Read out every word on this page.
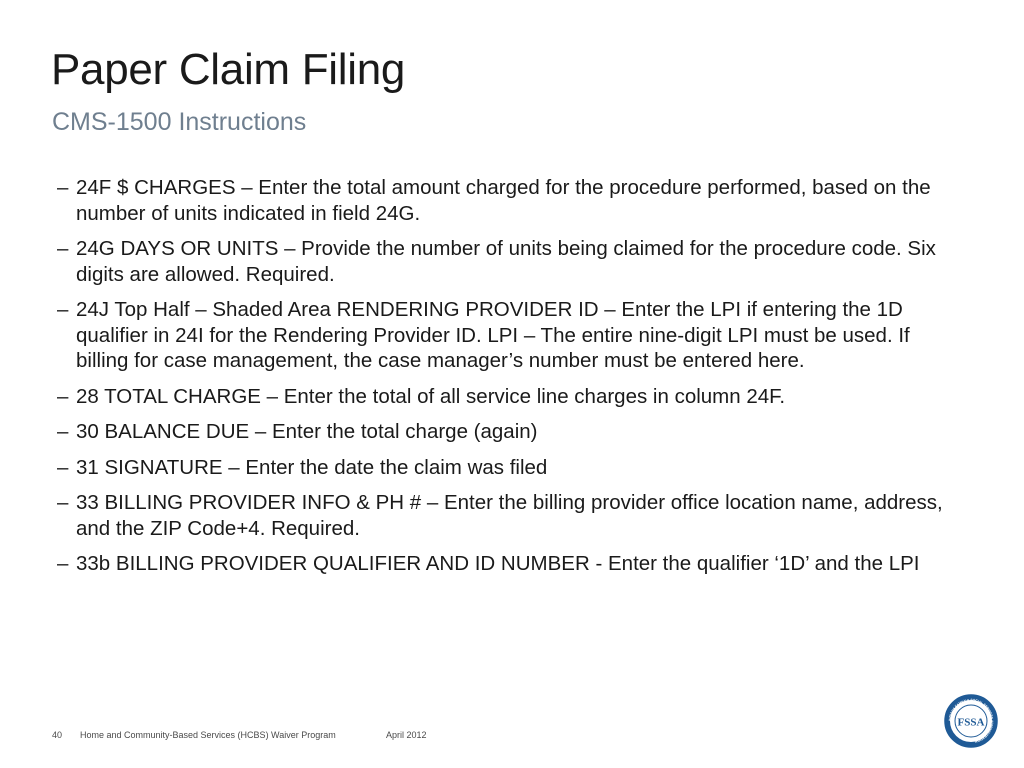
Paper Claim Filing
CMS-1500 Instructions
– 24F $ CHARGES – Enter the total amount charged for the procedure performed, based on the number of units indicated in field 24G.
– 24G DAYS OR UNITS – Provide the number of units being claimed for the procedure code. Six digits are allowed. Required.
– 24J Top Half – Shaded Area RENDERING PROVIDER ID – Enter the LPI if entering the 1D qualifier in 24I for the Rendering Provider ID. LPI – The entire nine-digit LPI must be used. If billing for case management, the case manager’s number must be entered here.
– 28 TOTAL CHARGE – Enter the total of all service line charges in column 24F.
– 30 BALANCE DUE – Enter the total charge (again)
– 31 SIGNATURE – Enter the date the claim was filed
– 33 BILLING PROVIDER INFO & PH # – Enter the billing provider office location name, address, and the ZIP Code+4. Required.
– 33b BILLING PROVIDER QUALIFIER AND ID NUMBER - Enter the qualifier ‘1D’ and the LPI
40 Home and Community-Based Services (HCBS) Waiver Program	April 2012
INDIANA FAMILY & SOCIAL SERVICES ADMINISTRATION
FSSA
